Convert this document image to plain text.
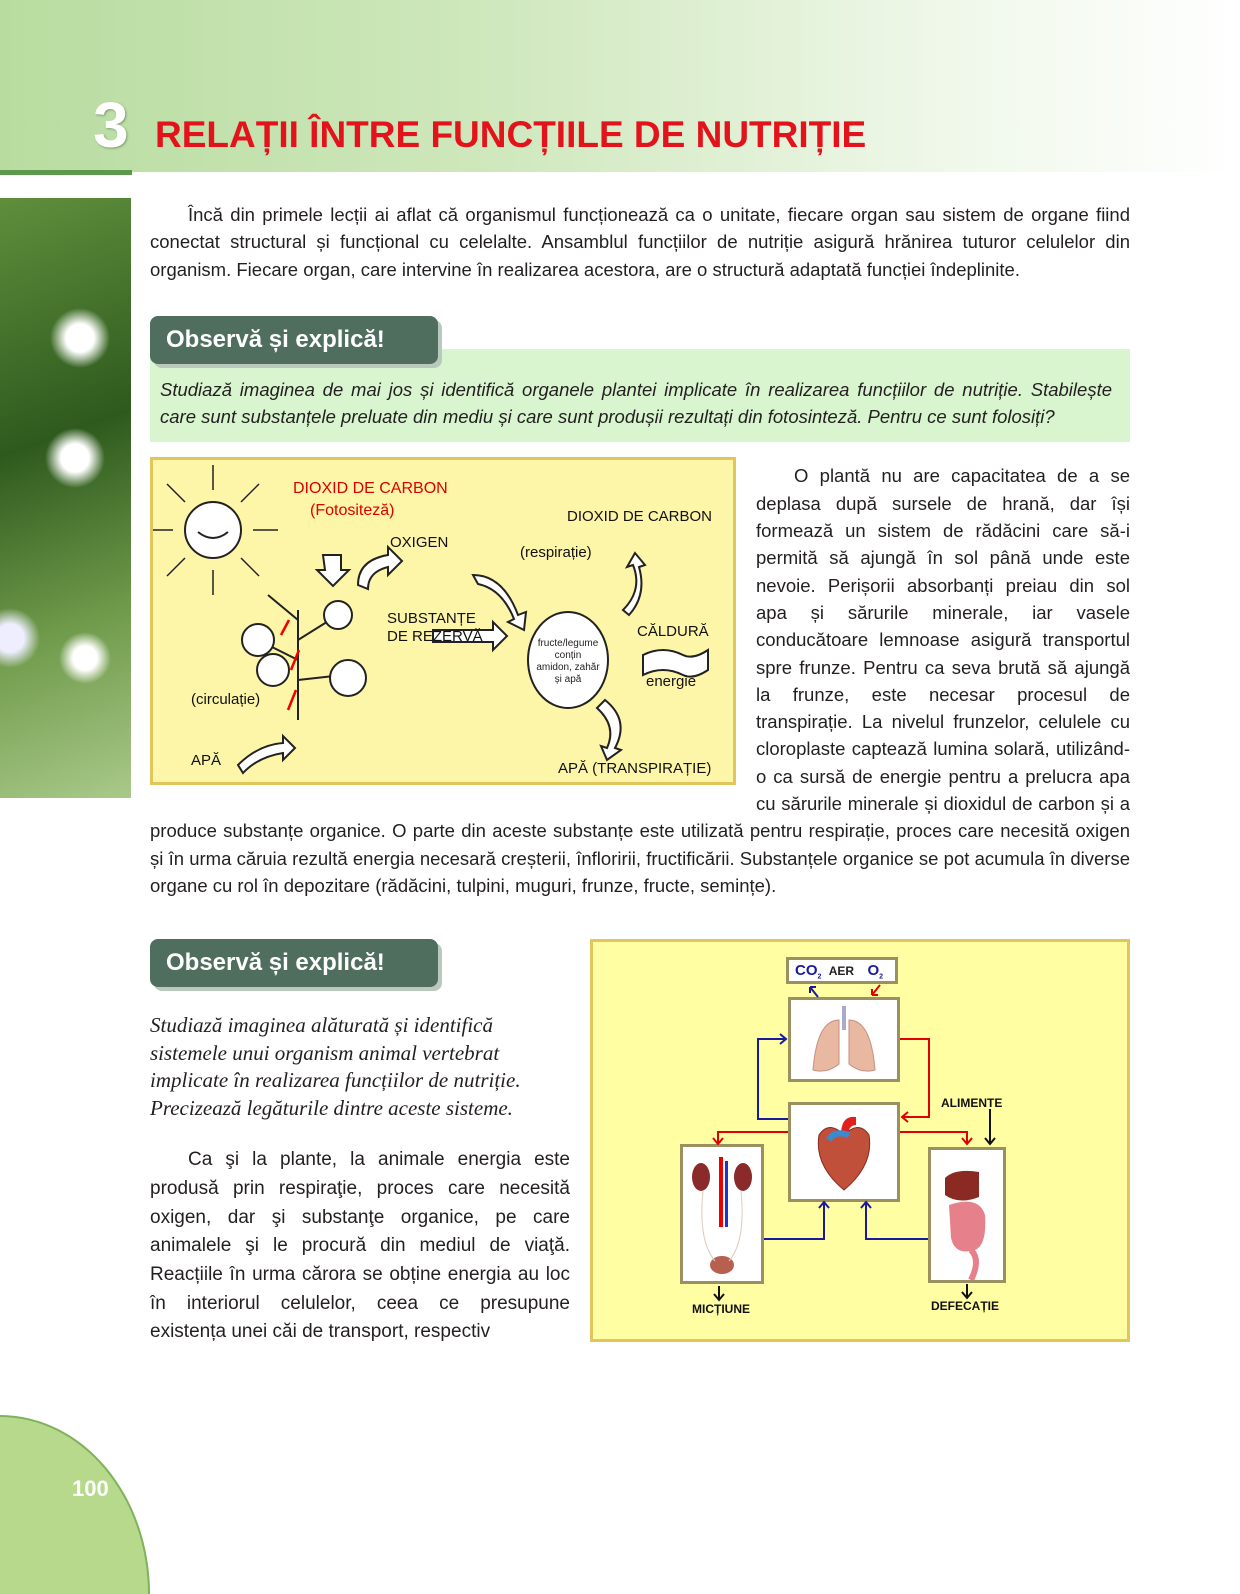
3 RELAȚII ÎNTRE FUNCȚIILE DE NUTRIȚIE

Încă din primele lecții ai aflat că organismul funcționează ca o unitate, fiecare organ sau sistem de organe fiind conectat structural și funcțional cu celelalte. Ansamblul funcțiilor de nutriție asigură hrănirea tuturor celulelor din organism. Fiecare organ, care intervine în realizarea acestora, are o structură adaptată funcției îndeplinite.

Observă și explică!
Studiază imaginea de mai jos și identifică organele plantei implicate în realizarea funcțiilor de nutriție. Stabilește care sunt substanțele preluate din mediu și care sunt produșii rezultați din fotosinteză. Pentru ce sunt folosiți?
DIOXID DE CARBON
(Fotositeză)
OXIGEN
DIOXID DE CARBON
(respirație)
SUBSTANȚE
DE REZERVĂ	CĂLDURĂ
energie
(circulație)
APĂ	APĂ (TRANSPIRAȚIE)
fructe/legume
conțin
amidon, zahăr
și apă

O plantă nu are capacitatea de a se deplasa după sursele de hrană, dar își formează un sistem de rădăcini care să-i permită să ajungă în sol până unde este nevoie. Perișorii absorbanți preiau din sol apa și sărurile minerale, iar vasele conducătoare lemnoase asigură transportul spre frunze. Pentru ca seva brută să ajungă la frunze, este necesar procesul de transpirație. La nivelul frunzelor, celulele cu cloroplaste captează lumina solară, utilizând-o ca sursă de energie pentru a prelucra apa cu sărurile minerale și dioxidul de carbon și a produce substanțe organice. O parte din aceste substanțe este utilizată pentru respirație, proces care necesită oxigen și în urma căruia rezultă energia necesară creșterii, înfloririi, fructificării. Substanțele organice se pot acumula în diverse organe cu rol în depozitare (rădăcini, tulpini, muguri, frunze, fructe, semințe).

$CO_2$ AER $O_2$
ALIMENTE
MICȚIUNE	DEFECAȚIE
Observă și explică!
Studiază imaginea alăturată și identifică sistemele unui organism animal vertebrat implicate în realizarea funcțiilor de nutriție. Precizează legăturile dintre aceste sisteme.

Ca şi la plante, la animale energia este produsă prin respiraţie, proces care necesită oxigen, dar şi substanţe organice, pe care animalele şi le procură din mediul de viaţă. Reacțiile în urma cărora se obține energia au loc în interiorul celulelor, ceea ce presupune existența unei căi de transport, respectiv

100
